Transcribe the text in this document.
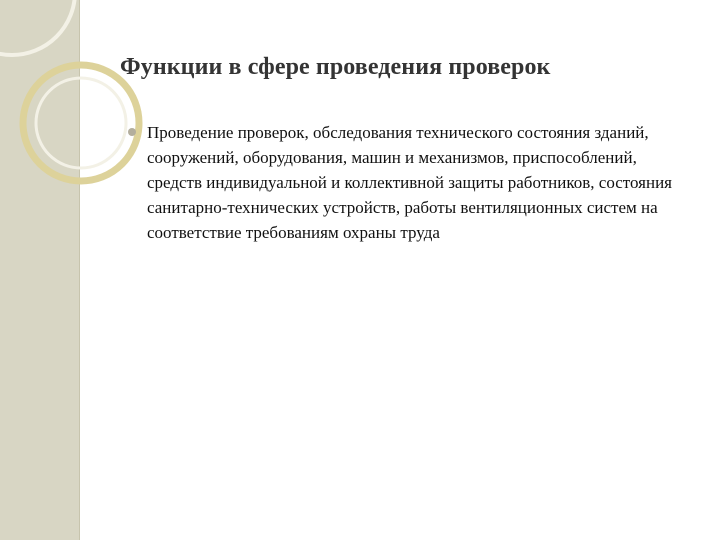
Функции в сфере проведения проверок
Проведение проверок, обследования технического состояния зданий, сооружений, оборудования, машин и механизмов, приспособлений, средств индивидуальной и коллективной защиты работников, состояния санитарно-технических устройств, работы вентиляционных систем на соответствие требованиям охраны труда
